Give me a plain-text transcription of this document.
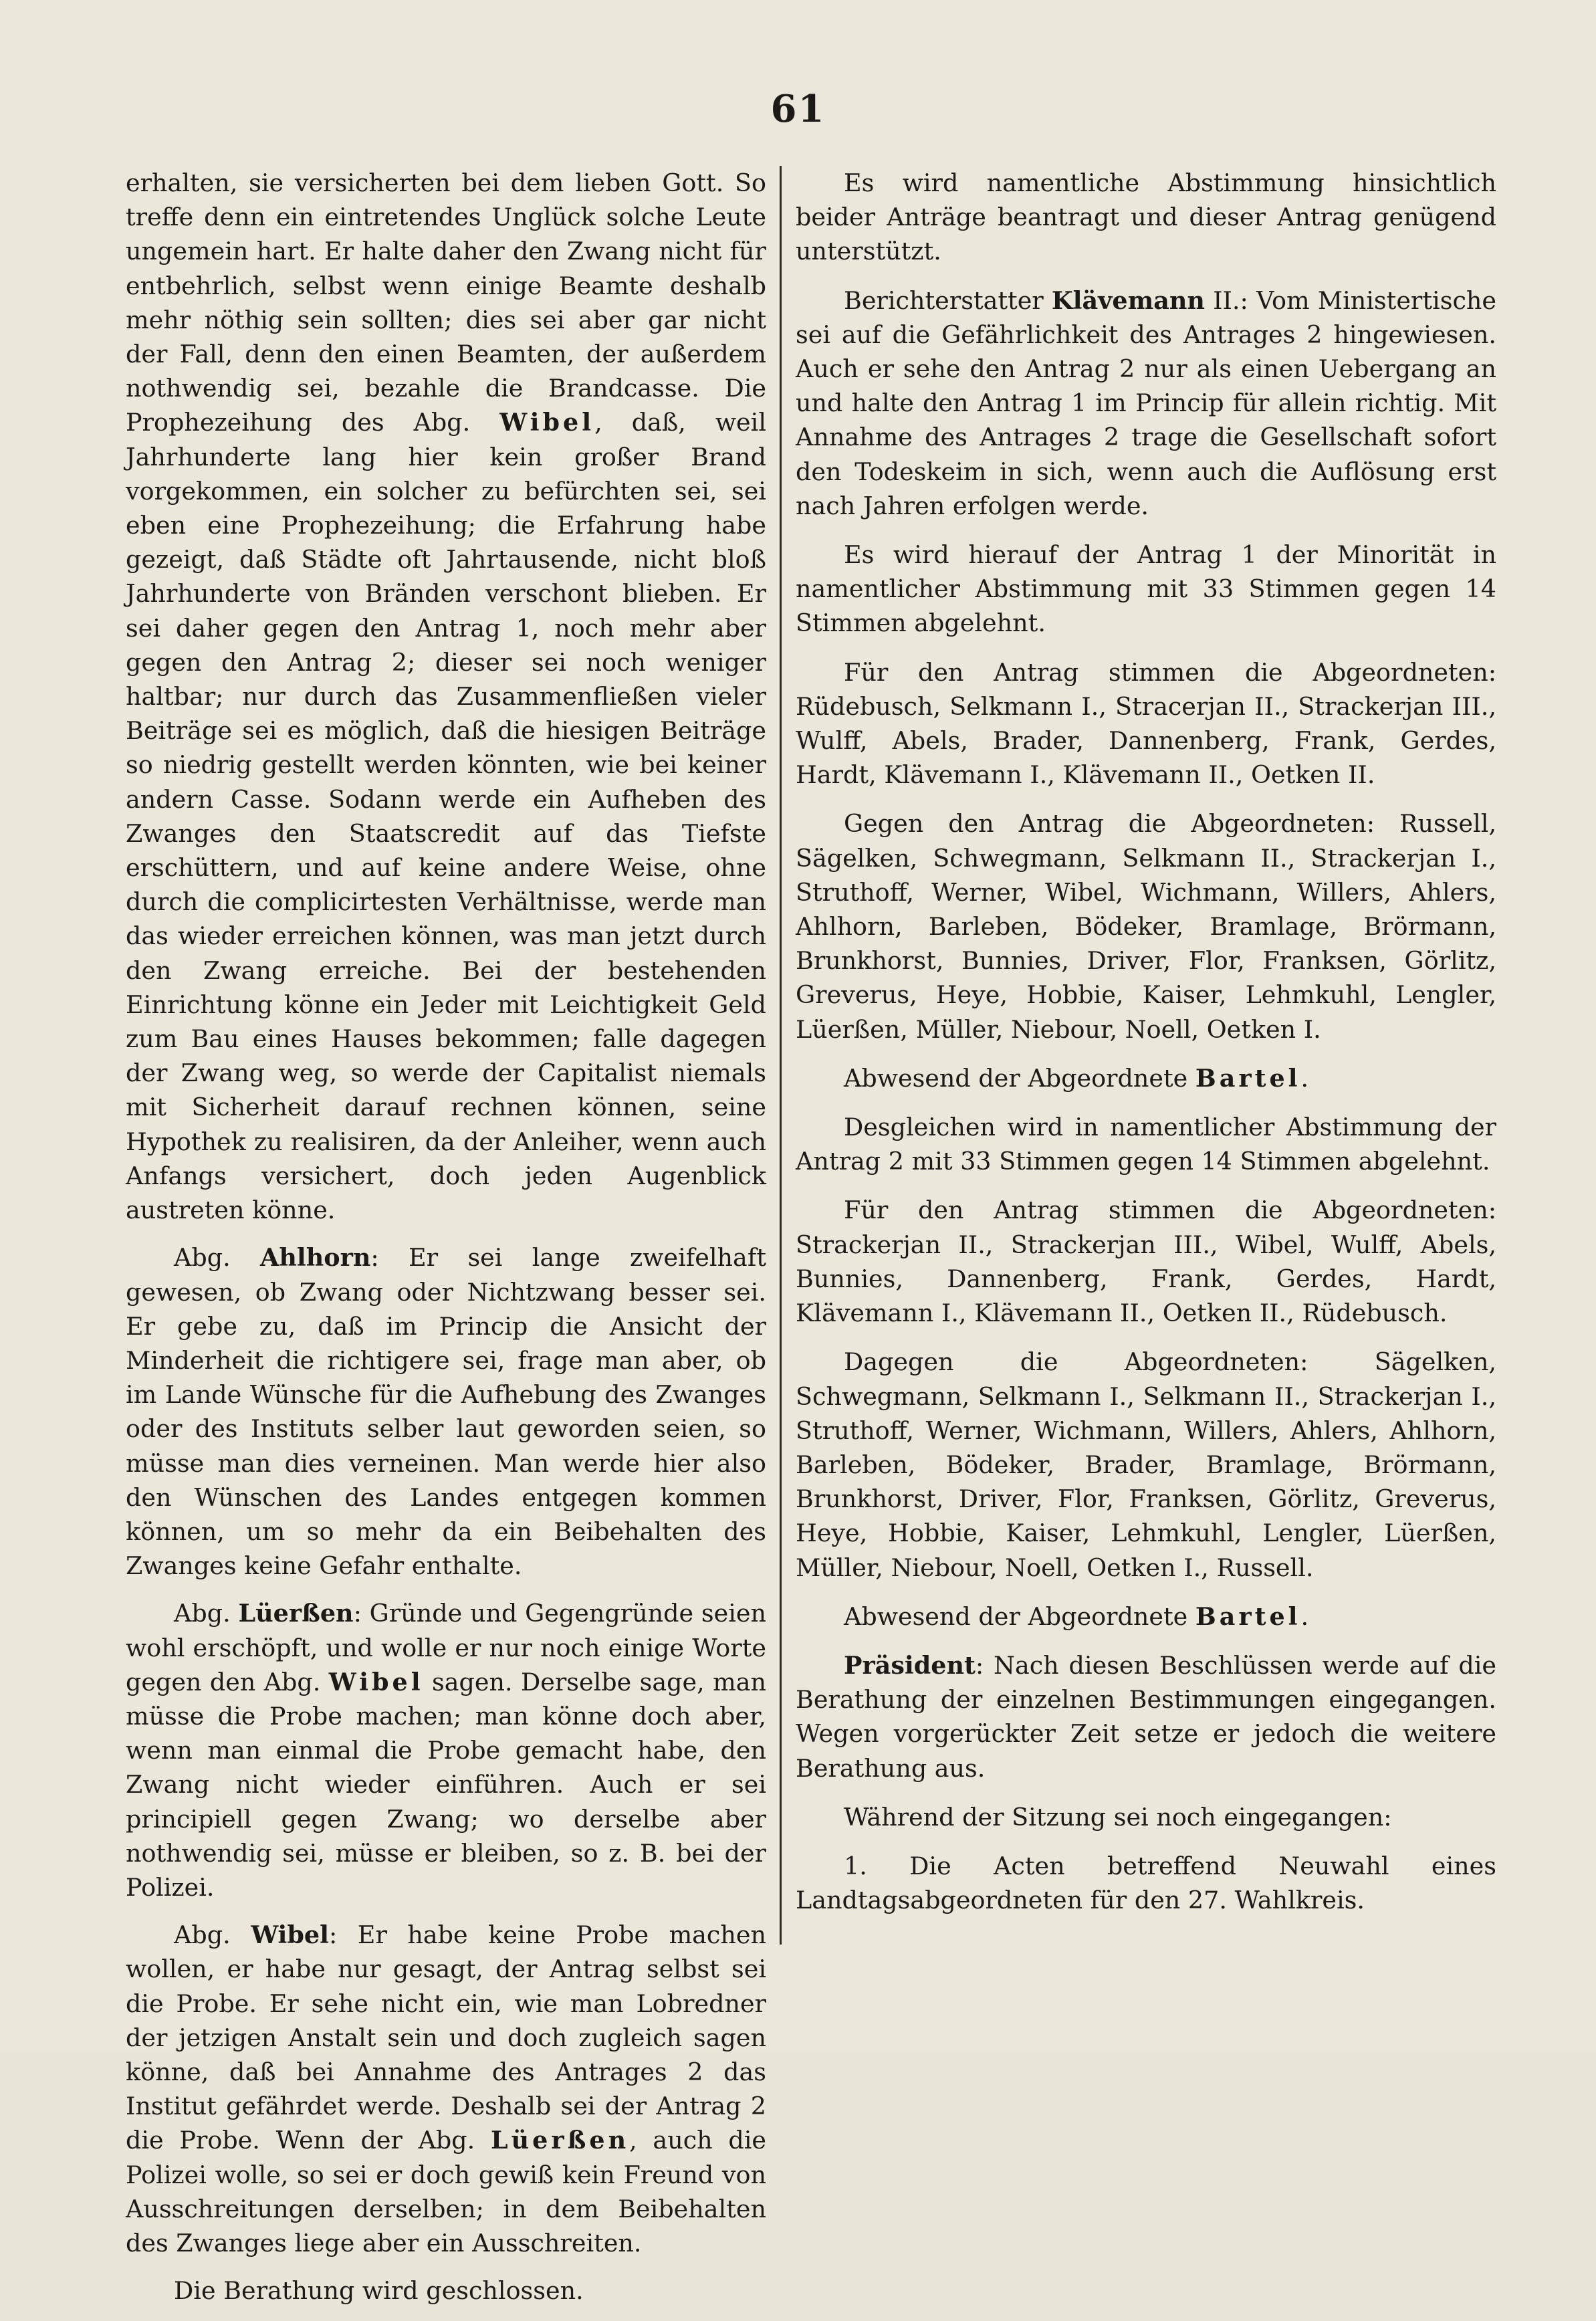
61

erhalten, sie versicherten bei dem lieben Gott. So treffe denn ein eintretendes Unglück solche Leute ungemein hart. Er halte daher den Zwang nicht für entbehrlich, selbst wenn einige Beamte deshalb mehr nöthig sein sollten; dies sei aber gar nicht der Fall, denn den einen Beamten, der außerdem nothwendig sei, bezahle die Brandcasse. Die Prophezeihung des Abg. Wibel, daß, weil Jahrhunderte lang hier kein großer Brand vorgekommen, ein solcher zu befürchten sei, sei eben eine Prophezeihung; die Erfahrung habe gezeigt, daß Städte oft Jahrtausende, nicht bloß Jahrhunderte von Bränden verschont blieben. Er sei daher gegen den Antrag 1, noch mehr aber gegen den Antrag 2; dieser sei noch weniger haltbar; nur durch das Zusammenfließen vieler Beiträge sei es möglich, daß die hiesigen Beiträge so niedrig gestellt werden könnten, wie bei keiner andern Casse. Sodann werde ein Aufheben des Zwanges den Staatscredit auf das Tiefste erschüttern, und auf keine andere Weise, ohne durch die complicirtesten Verhältnisse, werde man das wieder erreichen können, was man jetzt durch den Zwang erreiche. Bei der bestehenden Einrichtung könne ein Jeder mit Leichtigkeit Geld zum Bau eines Hauses bekommen; falle dagegen der Zwang weg, so werde der Capitalist niemals mit Sicherheit darauf rechnen können, seine Hypothek zu realisiren, da der Anleiher, wenn auch Anfangs versichert, doch jeden Augenblick austreten könne.

Abg. Ahlhorn: Er sei lange zweifelhaft gewesen, ob Zwang oder Nichtzwang besser sei. Er gebe zu, daß im Princip die Ansicht der Minderheit die richtigere sei, frage man aber, ob im Lande Wünsche für die Aufhebung des Zwanges oder des Instituts selber laut geworden seien, so müsse man dies verneinen. Man werde hier also den Wünschen des Landes entgegen kommen können, um so mehr da ein Beibehalten des Zwanges keine Gefahr enthalte.

Abg. Lüerßen: Gründe und Gegengründe seien wohl erschöpft, und wolle er nur noch einige Worte gegen den Abg. Wibel sagen. Derselbe sage, man müsse die Probe machen; man könne doch aber, wenn man einmal die Probe gemacht habe, den Zwang nicht wieder einführen. Auch er sei principiell gegen Zwang; wo derselbe aber nothwendig sei, müsse er bleiben, so z. B. bei der Polizei.

Abg. Wibel: Er habe keine Probe machen wollen, er habe nur gesagt, der Antrag selbst sei die Probe. Er sehe nicht ein, wie man Lobredner der jetzigen Anstalt sein und doch zugleich sagen könne, daß bei Annahme des Antrages 2 das Institut gefährdet werde. Deshalb sei der Antrag 2 die Probe. Wenn der Abg. Lüerßen, auch die Polizei wolle, so sei er doch gewiß kein Freund von Ausschreitungen derselben; in dem Beibehalten des Zwanges liege aber ein Ausschreiten.

Die Berathung wird geschlossen.

Es wird namentliche Abstimmung hinsichtlich beider Anträge beantragt und dieser Antrag genügend unterstützt.

Berichterstatter Klävemann II.: Vom Ministertische sei auf die Gefährlichkeit des Antrages 2 hingewiesen. Auch er sehe den Antrag 2 nur als einen Uebergang an und halte den Antrag 1 im Princip für allein richtig. Mit Annahme des Antrages 2 trage die Gesellschaft sofort den Todeskeim in sich, wenn auch die Auflösung erst nach Jahren erfolgen werde.

Es wird hierauf der Antrag 1 der Minorität in namentlicher Abstimmung mit 33 Stimmen gegen 14 Stimmen abgelehnt.

Für den Antrag stimmen die Abgeordneten: Rüdebusch, Selkmann I., Stracerjan II., Strackerjan III., Wulff, Abels, Brader, Dannenberg, Frank, Gerdes, Hardt, Klävemann I., Klävemann II., Oetken II.

Gegen den Antrag die Abgeordneten: Russell, Sägelken, Schwegmann, Selkmann II., Strackerjan I., Struthoff, Werner, Wibel, Wichmann, Willers, Ahlers, Ahlhorn, Barleben, Bödeker, Bramlage, Brörmann, Brunkhorst, Bunnies, Driver, Flor, Franksen, Görlitz, Greverus, Heye, Hobbie, Kaiser, Lehmkuhl, Lengler, Lüerßen, Müller, Niebour, Noell, Oetken I.

Abwesend der Abgeordnete Bartel.

Desgleichen wird in namentlicher Abstimmung der Antrag 2 mit 33 Stimmen gegen 14 Stimmen abgelehnt.

Für den Antrag stimmen die Abgeordneten: Strackerjan II., Strackerjan III., Wibel, Wulff, Abels, Bunnies, Dannenberg, Frank, Gerdes, Hardt, Klävemann I., Klävemann II., Oetken II., Rüdebusch.

Dagegen die Abgeordneten: Sägelken, Schwegmann, Selkmann I., Selkmann II., Strackerjan I., Struthoff, Werner, Wichmann, Willers, Ahlers, Ahlhorn, Barleben, Bödeker, Brader, Bramlage, Brörmann, Brunkhorst, Driver, Flor, Franksen, Görlitz, Greverus, Heye, Hobbie, Kaiser, Lehmkuhl, Lengler, Lüerßen, Müller, Niebour, Noell, Oetken I., Russell.

Abwesend der Abgeordnete Bartel.

Präsident: Nach diesen Beschlüssen werde auf die Berathung der einzelnen Bestimmungen eingegangen. Wegen vorgerückter Zeit setze er jedoch die weitere Berathung aus.

Während der Sitzung sei noch eingegangen:

1. Die Acten betreffend Neuwahl eines Landtagsabgeordneten für den 27. Wahlkreis.
